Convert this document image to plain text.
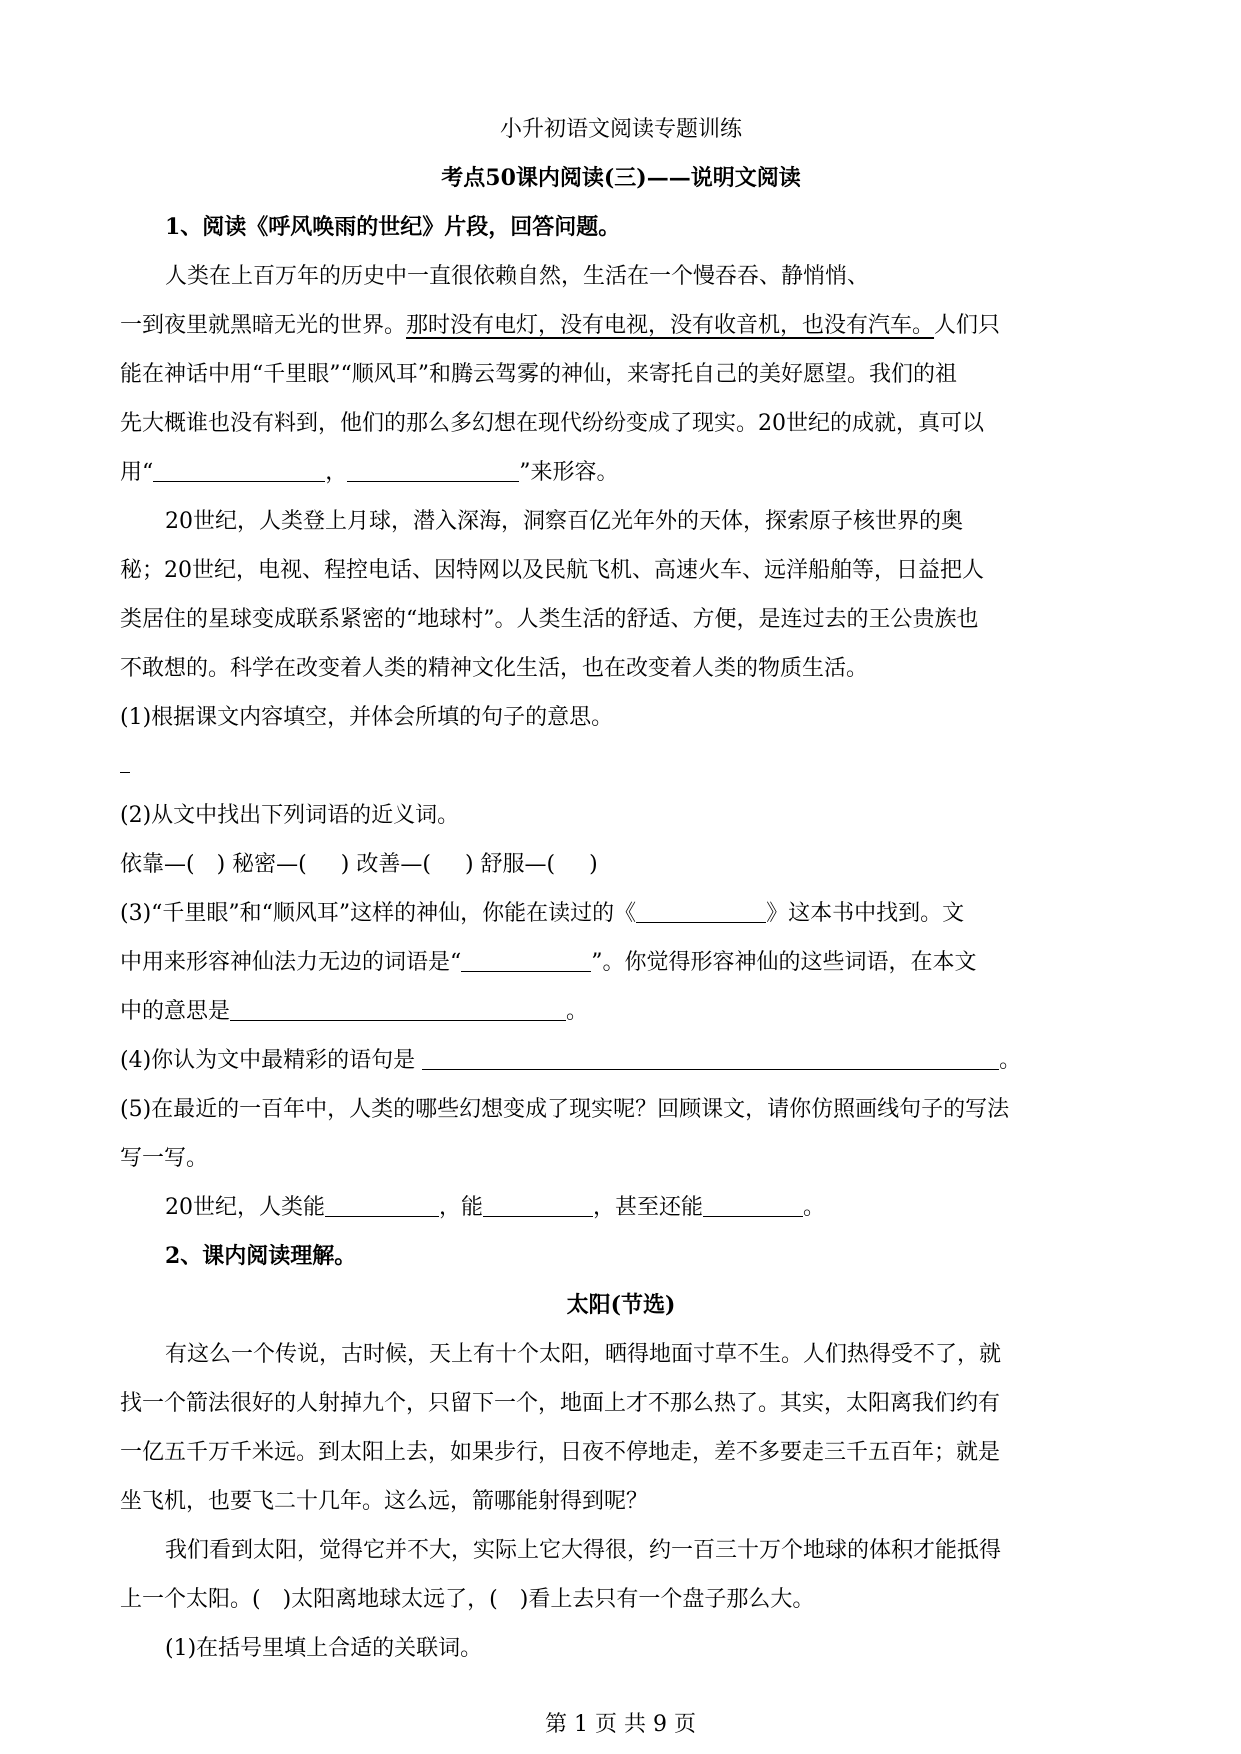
小升初语文阅读专题训练
考点50课内阅读(三)——说明文阅读
1、阅读《呼风唤雨的世纪》片段，回答问题。
人类在上百万年的历史中一直很依赖自然，生活在一个慢吞吞、静悄悄、
一到夜里就黑暗无光的世界。那时没有电灯，没有电视，没有收音机，也没有汽车。人们只
能在神话中用“千里眼”“顺风耳”和腾云驾雾的神仙，来寄托自己的美好愿望。我们的祖
先大概谁也没有料到，他们的那么多幻想在现代纷纷变成了现实。20世纪的成就，真可以
用“	，	”来形容。
20世纪，人类登上月球，潜入深海，洞察百亿光年外的天体，探索原子核世界的奥
秘；20世纪，电视、程控电话、因特网以及民航飞机、高速火车、远洋船舶等，日益把人
类居住的星球变成联系紧密的“地球村”。人类生活的舒适、方便，是连过去的王公贵族也
不敢想的。科学在改变着人类的精神文化生活，也在改变着人类的物质生活。
(1)根据课文内容填空，并体会所填的句子的意思。
(2)从文中找出下列词语的近义词。
依靠—( ) 秘密—( ) 改善—( ) 舒服—( )
(3)“千里眼”和“顺风耳”这样的神仙，你能在读过的《	》这本书中找到。文
中用来形容神仙法力无边的词语是“	”。你觉得形容神仙的这些词语，在本文
中的意思是	。
(4)你认为文中最精彩的语句是	。
(5)在最近的一百年中，人类的哪些幻想变成了现实呢？回顾课文，请你仿照画线句子的写法
写一写。
20世纪，人类能	，能	，甚至还能	。
2、课内阅读理解。
太阳(节选)
有这么一个传说，古时候，天上有十个太阳，晒得地面寸草不生。人们热得受不了，就
找一个箭法很好的人射掉九个，只留下一个，地面上才不那么热了。其实，太阳离我们约有
一亿五千万千米远。到太阳上去，如果步行，日夜不停地走，差不多要走三千五百年；就是
坐飞机，也要飞二十几年。这么远，箭哪能射得到呢？
我们看到太阳，觉得它并不大，实际上它大得很，约一百三十万个地球的体积才能抵得
上一个太阳。( )太阳离地球太远了，( )看上去只有一个盘子那么大。
(1)在括号里填上合适的关联词。
第 1 页 共 9 页
